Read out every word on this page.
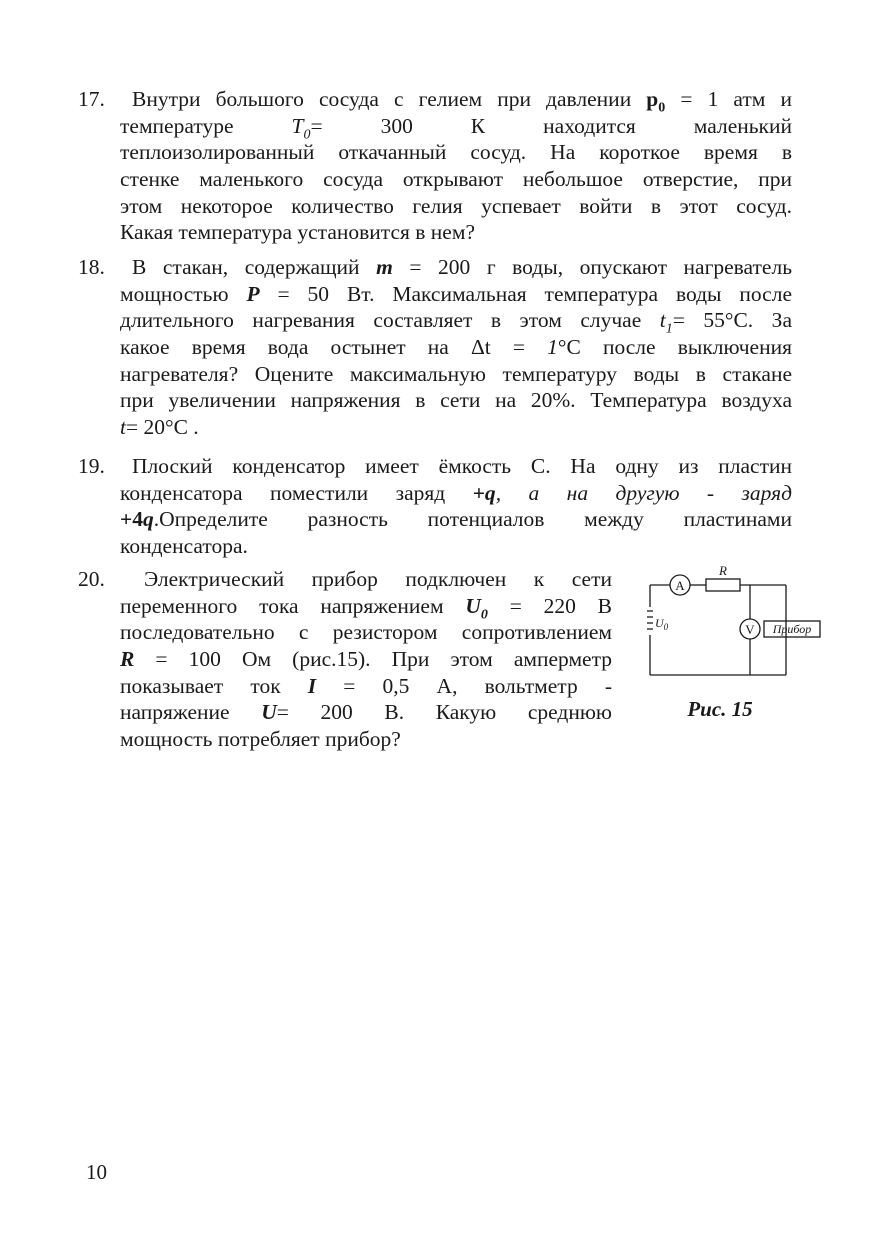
17.	Внутри большого сосуда с гелием при давлении $p_0 = 1$ атм и
температуре $T_0= 300$ К находится маленький
теплоизолированный откачанный сосуд. На короткое время в
стенке маленького сосуда открывают небольшое отверстие, при
этом некоторое количество гелия успевает войти в этот сосуд.
Какая температура установится в нем?
18.	В стакан, содержащий m = 200 г воды, опускают нагреватель
мощностью P = 50 Вт. Максимальная температура воды после
длительного нагревания составляет в этом случае $t_1= 55^\circ С$. За
какое время вода остынет на Δt = 1°С после выключения
нагревателя? Оцените максимальную температуру воды в стакане
при увеличении напряжения в сети на 20%. Температура воздуха
t= 20°С .
19.	Плоский конденсатор имеет ёмкость С. На одну из пластин
конденсатора поместили заряд +q, а на другую - заряд
+4q.Определите разность потенциалов между пластинами
конденсатора.
20.	Электрический прибор подключен к сети
переменного тока напряжением $U_0 = 220$ В
последовательно с резистором сопротивлением
R = 100 Ом (рис.15). При этом амперметр
показывает ток I = 0,5 А, вольтметр -
напряжение U= 200 В. Какую среднюю
мощность потребляет прибор?
A
V
R
$U_0$	Прибор
Рис. 15
10
